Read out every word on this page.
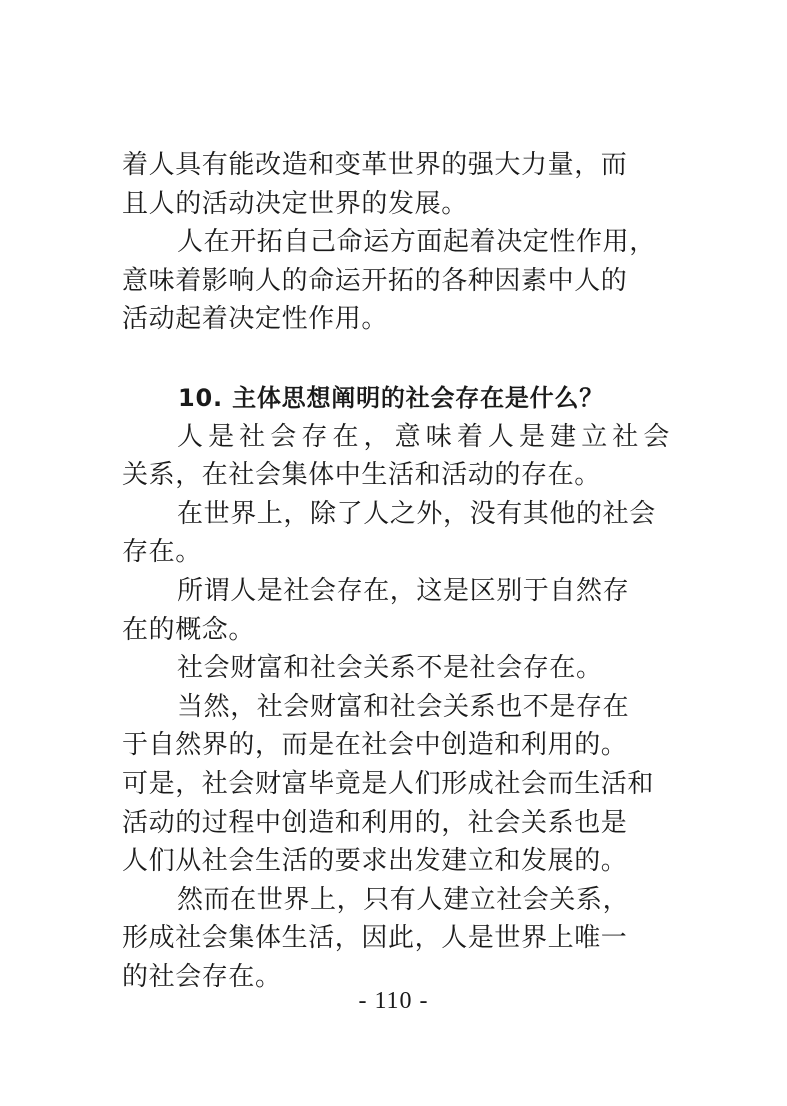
着人具有能改造和变革世界的强大力量，而
且人的活动决定世界的发展。
人在开拓自己命运方面起着决定性作用，
意味着影响人的命运开拓的各种因素中人的
活动起着决定性作用。
10. 主体思想阐明的社会存在是什么？
人是社会存在，意味着人是建立社会
关系，在社会集体中生活和活动的存在。
在世界上，除了人之外，没有其他的社会
存在。
所谓人是社会存在，这是区别于自然存
在的概念。
社会财富和社会关系不是社会存在。
当然，社会财富和社会关系也不是存在
于自然界的，而是在社会中创造和利用的。
可是，社会财富毕竟是人们形成社会而生活和
活动的过程中创造和利用的，社会关系也是
人们从社会生活的要求出发建立和发展的。
然而在世界上，只有人建立社会关系，
形成社会集体生活，因此，人是世界上唯一
的社会存在。
- 110 -
